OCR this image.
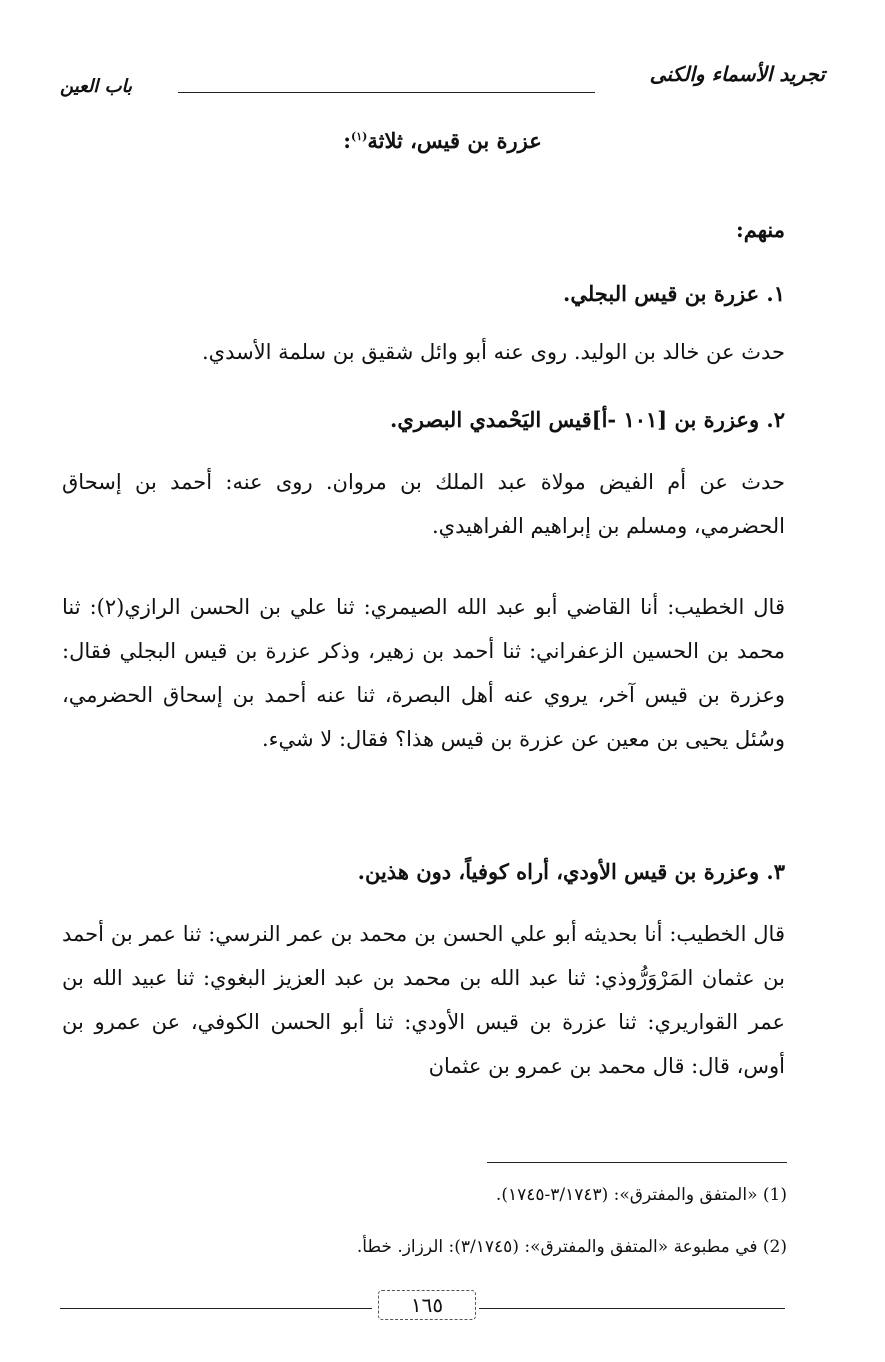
تجريد الأسماء والكنى
باب العين
عزرة بن قيس، ثلاثة$^{(١)}$:
منهم:
١. عزرة بن قيس البجلي.
حدث عن خالد بن الوليد. روى عنه أبو وائل شقيق بن سلمة الأسدي.
٢. وعزرة بن [١٠١ -أ]قيس اليَحْمدي البصري.
حدث عن أم الفيض مولاة عبد الملك بن مروان. روى عنه: أحمد بن إسحاق الحضرمي، ومسلم بن إبراهيم الفراهيدي.
قال الخطيب: أنا القاضي أبو عبد الله الصيمري: ثنا علي بن الحسن الرازي(٢): ثنا محمد بن الحسين الزعفراني: ثنا أحمد بن زهير، وذكر عزرة بن قيس البجلي فقال: وعزرة بن قيس آخر، يروي عنه أهل البصرة، ثنا عنه أحمد بن إسحاق الحضرمي، وسُئل يحيى بن معين عن عزرة بن قيس هذا؟ فقال: لا شيء.
٣. وعزرة بن قيس الأودي، أراه كوفياً، دون هذين.
قال الخطيب: أنا بحديثه أبو علي الحسن بن محمد بن عمر النرسي: ثنا عمر بن أحمد بن عثمان المَرْوَرُّوذي: ثنا عبد الله بن محمد بن عبد العزيز البغوي: ثنا عبيد الله بن عمر القواريري: ثنا عزرة بن قيس الأودي: ثنا أبو الحسن الكوفي، عن عمرو بن أوس، قال: قال محمد بن عمرو بن عثمان
(1) «المتفق والمفترق»: (٣/١٧٤٣-١٧٤٥).
(2) في مطبوعة «المتفق والمفترق»: (٣/١٧٤٥): الرزاز. خطأ.
١٦٥
